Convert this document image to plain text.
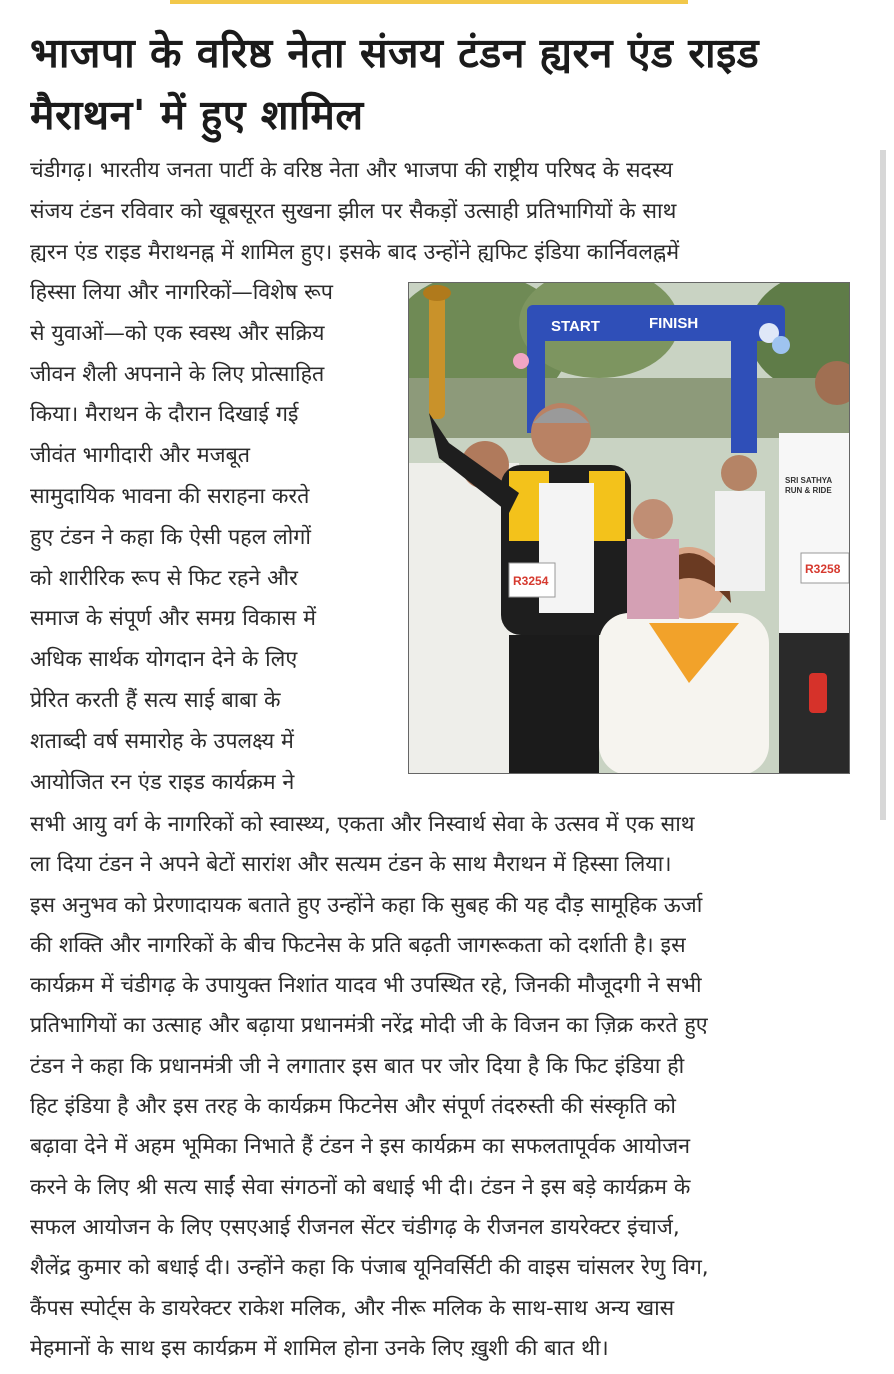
भाजपा के वरिष्ठ नेता संजय टंडन ह्यरन एंड राइड
मैराथन' में हुए शामिल

चंडीगढ़। भारतीय जनता पार्टी के वरिष्ठ नेता और भाजपा की राष्ट्रीय परिषद के सदस्य
संजय टंडन रविवार को खूबसूरत सुखना झील पर सैकड़ों उत्साही प्रतिभागियों के साथ
ह्यरन एंड राइड मैराथनह्न में शामिल हुए। इसके बाद उन्होंने ह्यफिट इंडिया कार्निवलह्नमें

हिस्सा लिया और नागरिकों—विशेष रूप
से युवाओं—को एक स्वस्थ और सक्रिय
जीवन शैली अपनाने के लिए प्रोत्साहित
किया। मैराथन के दौरान दिखाई गई
जीवंत भागीदारी और मजबूत
सामुदायिक भावना की सराहना करते
हुए टंडन ने कहा कि ऐसी पहल लोगों
को शारीरिक रूप से फिट रहने और
समाज के संपूर्ण और समग्र विकास में
अधिक सार्थक योगदान देने के लिए
प्रेरित करती हैं सत्य साई बाबा के
शताब्दी वर्ष समारोह के उपलक्ष्य में
आयोजित रन एंड राइड कार्यक्रम ने

START	FINISH
R3254
SRI SATHYA
RUN & RIDE
R3258

सभी आयु वर्ग के नागरिकों को स्वास्थ्य, एकता और निस्वार्थ सेवा के उत्सव में एक साथ
ला दिया टंडन ने अपने बेटों सारांश और सत्यम टंडन के साथ मैराथन में हिस्सा लिया।
इस अनुभव को प्रेरणादायक बताते हुए उन्होंने कहा कि सुबह की यह दौड़ सामूहिक ऊर्जा
की शक्ति और नागरिकों के बीच फिटनेस के प्रति बढ़ती जागरूकता को दर्शाती है। इस
कार्यक्रम में चंडीगढ़ के उपायुक्त निशांत यादव भी उपस्थित रहे, जिनकी मौजूदगी ने सभी
प्रतिभागियों का उत्साह और बढ़ाया प्रधानमंत्री नरेंद्र मोदी जी के विजन का ज़िक्र करते हुए
टंडन ने कहा कि प्रधानमंत्री जी ने लगातार इस बात पर जोर दिया है कि फिट इंडिया ही
हिट इंडिया है और इस तरह के कार्यक्रम फिटनेस और संपूर्ण तंदरुस्ती की संस्कृति को
बढ़ावा देने में अहम भूमिका निभाते हैं टंडन ने इस कार्यक्रम का सफलतापूर्वक आयोजन
करने के लिए श्री सत्य साईं सेवा संगठनों को बधाई भी दी। टंडन ने इस बड़े कार्यक्रम के
सफल आयोजन के लिए एसएआई रीजनल सेंटर चंडीगढ़ के रीजनल डायरेक्टर इंचार्ज,
शैलेंद्र कुमार को बधाई दी। उन्होंने कहा कि पंजाब यूनिवर्सिटी की वाइस चांसलर रेणु विग,
कैंपस स्पोर्ट्स के डायरेक्टर राकेश मलिक, और नीरू मलिक के साथ-साथ अन्य खास
मेहमानों के साथ इस कार्यक्रम में शामिल होना उनके लिए ख़ुशी की बात थी।
